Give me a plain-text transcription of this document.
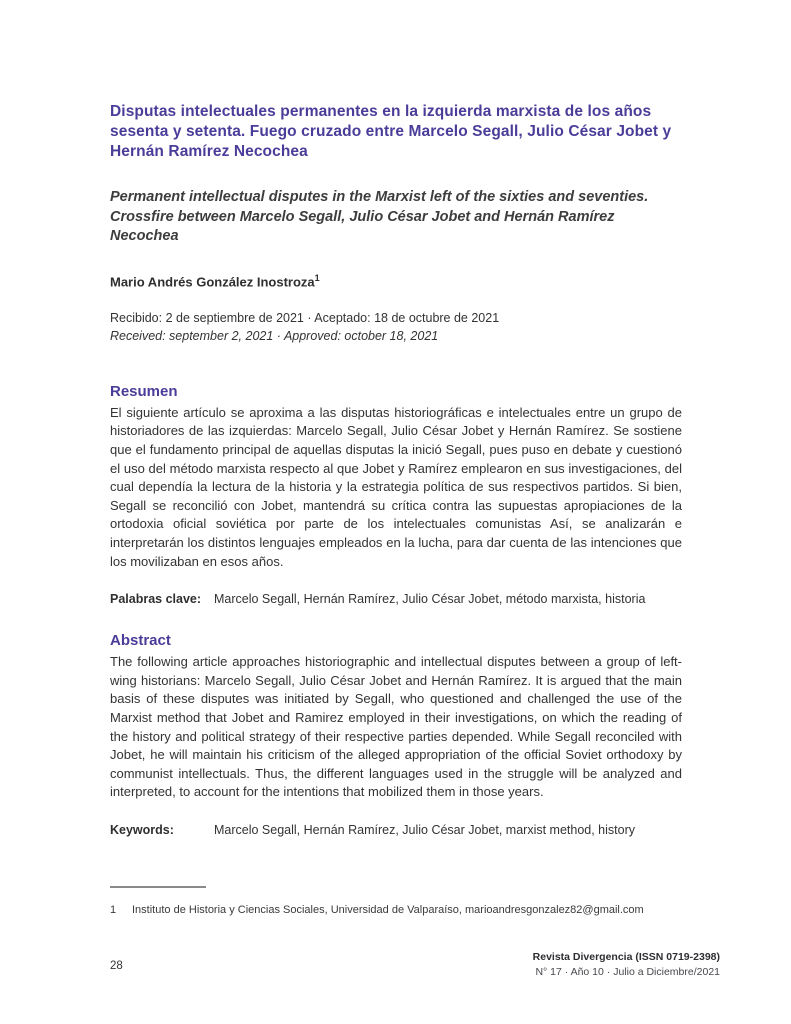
Disputas intelectuales permanentes en la izquierda marxista de los años sesenta y setenta. Fuego cruzado entre Marcelo Segall, Julio César Jobet y Hernán Ramírez Necochea
Permanent intellectual disputes in the Marxist left of the sixties and seventies. Crossfire between Marcelo Segall, Julio César Jobet and Hernán Ramírez Necochea

Mario Andrés González Inostroza$^1$

Recibido: 2 de septiembre de 2021 · Aceptado: 18 de octubre de 2021

Received: september 2, 2021 · Approved: october 18, 2021

Resumen

El siguiente artículo se aproxima a las disputas historiográficas e intelectuales entre un grupo de historiadores de las izquierdas: Marcelo Segall, Julio César Jobet y Hernán Ramírez. Se sostiene que el fundamento principal de aquellas disputas la inició Segall, pues puso en debate y cuestionó el uso del método marxista respecto al que Jobet y Ramírez emplearon en sus investigaciones, del cual dependía la lectura de la historia y la estrategia política de sus respectivos partidos. Si bien, Segall se reconcilió con Jobet, mantendrá su crítica contra las supuestas apropiaciones de la ortodoxia oficial soviética por parte de los intelectuales comunistas Así, se analizarán e interpretarán los distintos lenguajes empleados en la lucha, para dar cuenta de las intenciones que los movilizaban en esos años.

Palabras clave: Marcelo Segall, Hernán Ramírez, Julio César Jobet, método marxista, historia

Abstract

The following article approaches historiographic and intellectual disputes between a group of left-wing historians: Marcelo Segall, Julio César Jobet and Hernán Ramírez. It is argued that the main basis of these disputes was initiated by Segall, who questioned and challenged the use of the Marxist method that Jobet and Ramirez employed in their investigations, on which the reading of the history and political strategy of their respective parties depended. While Segall reconciled with Jobet, he will maintain his criticism of the alleged appropriation of the official Soviet orthodoxy by communist intellectuals. Thus, the different languages used in the struggle will be analyzed and interpreted, to account for the intentions that mobilized them in those years.

Keywords:	Marcelo Segall, Hernán Ramírez, Julio César Jobet, marxist method, history

1 Instituto de Historia y Ciencias Sociales, Universidad de Valparaíso, marioandresgonzalez82@gmail.com

28
Revista Divergencia (ISSN 0719-2398)
N° 17 · Año 10 · Julio a Diciembre/2021
